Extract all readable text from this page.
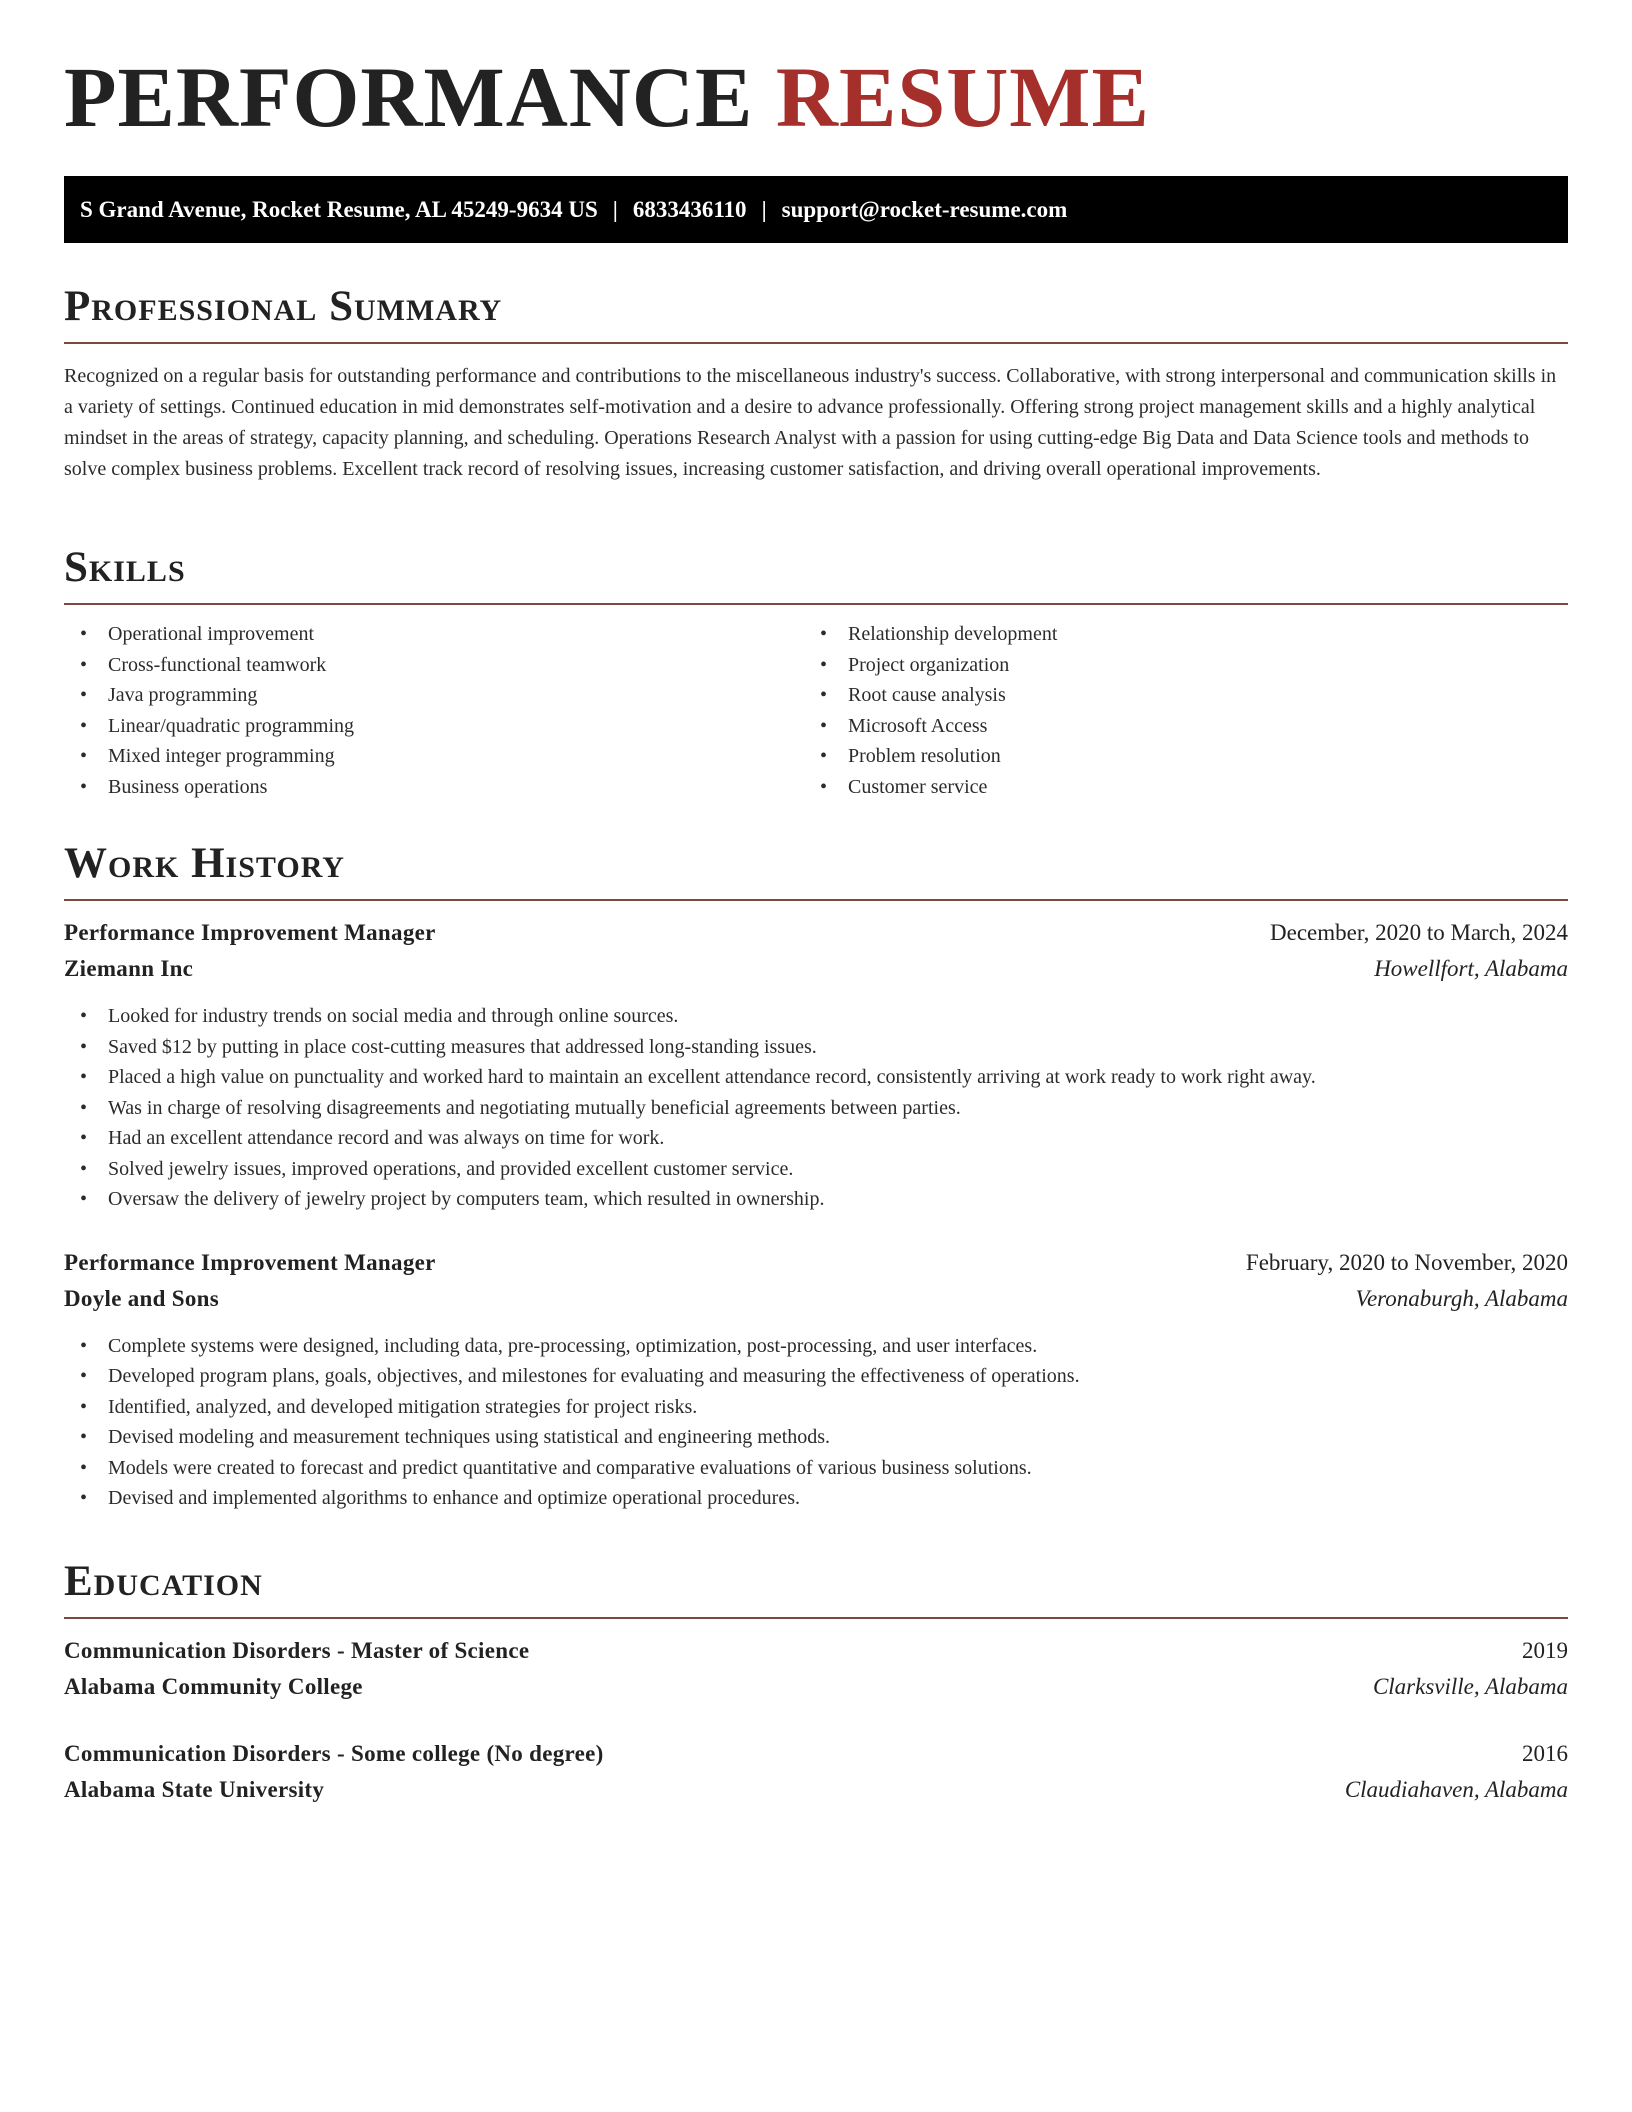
PERFORMANCE RESUME
S Grand Avenue, Rocket Resume, AL 45249-9634 US | 6833436110 | support@rocket-resume.com
Professional Summary

Recognized on a regular basis for outstanding performance and contributions to the miscellaneous industry's success. Collaborative, with strong interpersonal and communication skills in a variety of settings. Continued education in mid demonstrates self-motivation and a desire to advance professionally. Offering strong project management skills and a highly analytical mindset in the areas of strategy, capacity planning, and scheduling. Operations Research Analyst with a passion for using cutting-edge Big Data and Data Science tools and methods to solve complex business problems. Excellent track record of resolving issues, increasing customer satisfaction, and driving overall operational improvements.

Skills
• Operational improvement
• Cross-functional teamwork
• Java programming
• Linear/quadratic programming
• Mixed integer programming
• Business operations
• Relationship development
• Project organization
• Root cause analysis
• Microsoft Access
• Problem resolution
• Customer service
Work History
Performance Improvement Manager	December, 2020 to March, 2024
Ziemann Inc	Howellfort, Alabama
• Looked for industry trends on social media and through online sources.
• Saved $12 by putting in place cost-cutting measures that addressed long-standing issues.
• Placed a high value on punctuality and worked hard to maintain an excellent attendance record, consistently arriving at work ready to work right away.
• Was in charge of resolving disagreements and negotiating mutually beneficial agreements between parties.
• Had an excellent attendance record and was always on time for work.
• Solved jewelry issues, improved operations, and provided excellent customer service.
• Oversaw the delivery of jewelry project by computers team, which resulted in ownership.
Performance Improvement Manager	February, 2020 to November, 2020
Doyle and Sons	Veronaburgh, Alabama
• Complete systems were designed, including data, pre-processing, optimization, post-processing, and user interfaces.
• Developed program plans, goals, objectives, and milestones for evaluating and measuring the effectiveness of operations.
• Identified, analyzed, and developed mitigation strategies for project risks.
• Devised modeling and measurement techniques using statistical and engineering methods.
• Models were created to forecast and predict quantitative and comparative evaluations of various business solutions.
• Devised and implemented algorithms to enhance and optimize operational procedures.
Education
Communication Disorders - Master of Science	2019
Alabama Community College	Clarksville, Alabama
Communication Disorders - Some college (No degree)	2016
Alabama State University	Claudiahaven, Alabama
